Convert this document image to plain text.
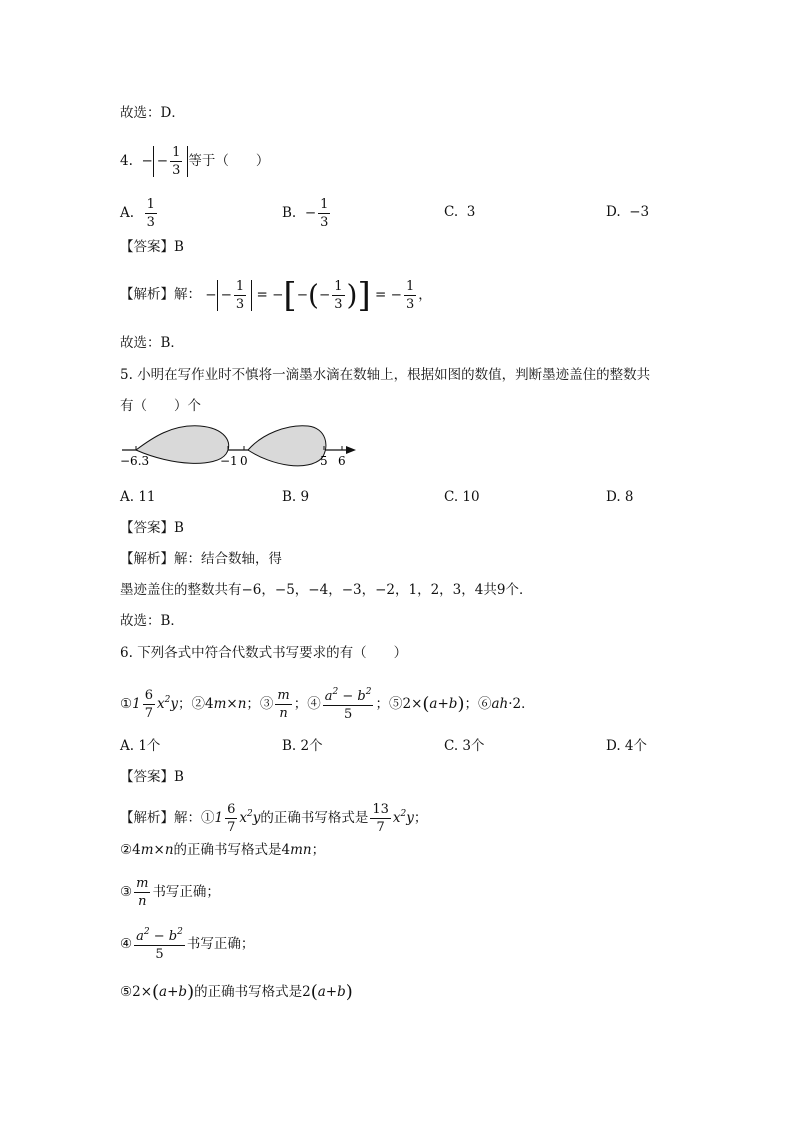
故选：D．
4. − − $\frac{1}{3}$ 等于（　　）
A. $\frac{1}{3}$	B. − $\frac{1}{3}$	C. 3	D. −3
【答案】B
【解析】解： − − $\frac{1}{3}$ = −[−(− $\frac{1}{3}$ )] = − $\frac{1}{3}$ ，
故选：B．
5. 小明在写作业时不慎将一滴墨水滴在数轴上，根据如图的数值，判断墨迹盖住的整数共
有（　　）个
−6.3	−1 0	5 6
A. 11	B. 9	C. 10	D. 8
【答案】B
【解析】解：结合数轴，得
墨迹盖住的整数共有−6，−5，−4，−3，−2，1，2，3，4共9个．
故选：B．
6. 下列各式中符合代数式书写要求的有（　　）
①1 $\frac{6}{7} x^2y$；②4m×n；③ $\frac{m}{n}$ ；④ $\frac{a^2 - b^2}{5}$ ；⑤2×(a+b)；⑥ah·2．
A. 1个	B. 2个	C. 3个	D. 4个
【答案】B
【解析】解：①1 $\frac{6}{7} x^2y$的正确书写格式是 $\frac{13}{7} x^2y$；
②4m×n的正确书写格式是4mn；
③ $\frac{m}{n}$ 书写正确；
④ $\frac{a^2 - b^2}{5}$ 书写正确；
⑤2×(a+b)的正确书写格式是2(a+b)
